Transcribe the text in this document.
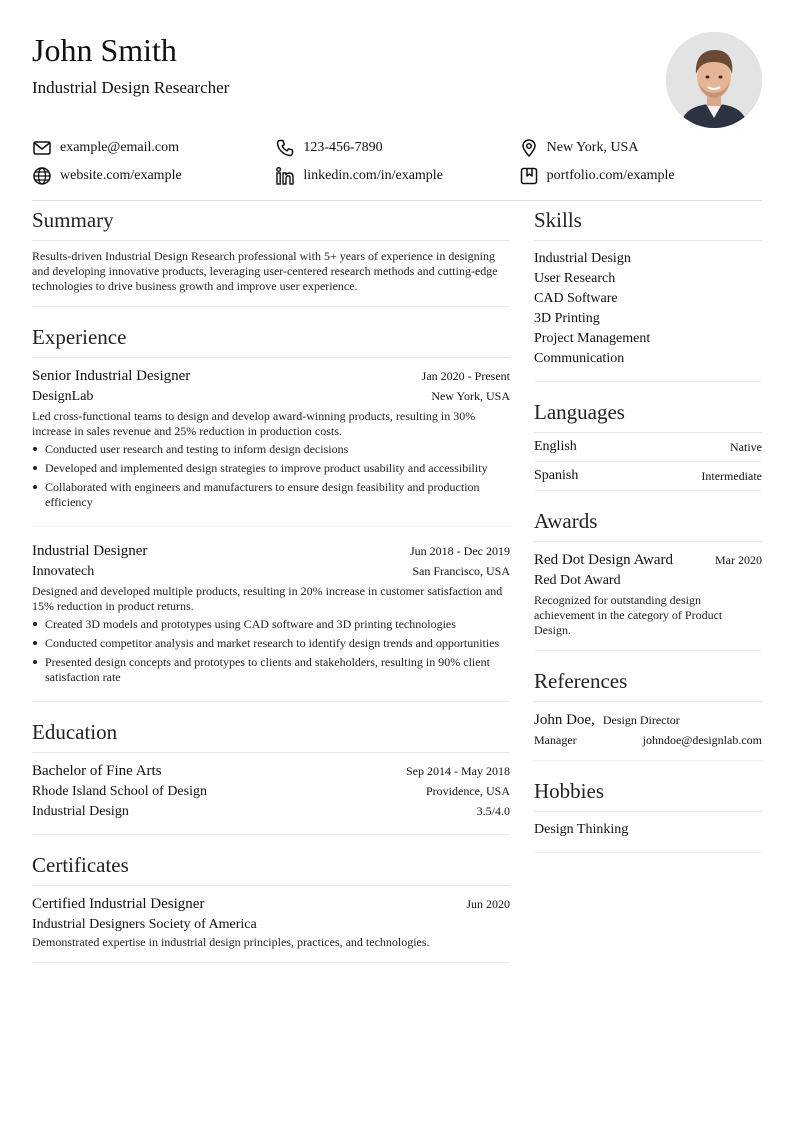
John Smith
Industrial Design Researcher
example@email.com	123-456-7890	New York, USA
website.com/example	linkedin.com/in/example	portfolio.com/example
Summary
Results-driven Industrial Design Research professional with 5+ years of experience in designing and developing innovative products, leveraging user-centered research methods and cutting-edge technologies to drive business growth and improve user experience.
Experience
Senior Industrial Designer	Jan 2020 - Present
DesignLab	New York, USA
Led cross-functional teams to design and develop award-winning products, resulting in 30% increase in sales revenue and 25% reduction in production costs.
Conducted user research and testing to inform design decisions
Developed and implemented design strategies to improve product usability and accessibility
Collaborated with engineers and manufacturers to ensure design feasibility and production efficiency
Industrial Designer	Jun 2018 - Dec 2019
Innovatech	San Francisco, USA
Designed and developed multiple products, resulting in 20% increase in customer satisfaction and 15% reduction in product returns.
Created 3D models and prototypes using CAD software and 3D printing technologies
Conducted competitor analysis and market research to identify design trends and opportunities
Presented design concepts and prototypes to clients and stakeholders, resulting in 90% client satisfaction rate
Education
Bachelor of Fine Arts	Sep 2014 - May 2018
Rhode Island School of Design	Providence, USA
Industrial Design	3.5/4.0
Certificates
Certified Industrial Designer	Jun 2020
Industrial Designers Society of America
Demonstrated expertise in industrial design principles, practices, and technologies.
Skills
Industrial Design
User Research
CAD Software
3D Printing
Project Management
Communication
Languages
English	Native
Spanish	Intermediate
Awards
Red Dot Design Award	Mar 2020
Red Dot Award
Recognized for outstanding design achievement in the category of Product Design.
References
John Doe, Design Director
Manager	johndoe@designlab.com
Hobbies
Design Thinking
